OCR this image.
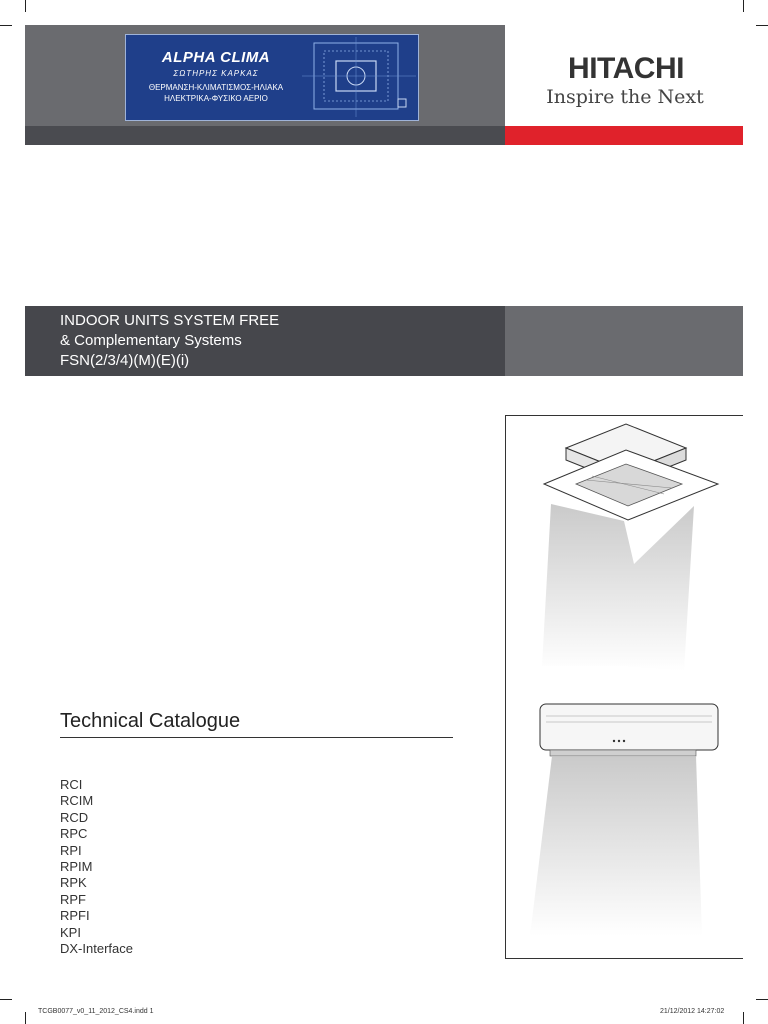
ALPHA CLIMA
ΣΩΤΗΡΗΣ ΚΑΡΚΑΣ
ΘΕΡΜΑΝΣΗ-ΚΛΙΜΑΤΙΣΜΟΣ-ΗΛΙΑΚΑ
ΗΛΕΚΤΡΙΚΑ-ΦΥΣΙΚΟ ΑΕΡΙΟ
HITACHI
Inspire the Next
INDOOR UNITS SYSTEM FREE
& Complementary Systems
FSN(2/3/4)(M)(E)(i)
Technical Catalogue
RCI
RCIM
RCD
RPC
RPI
RPIM
RPK
RPF
RPFI
KPI
DX-Interface
TCGB0077_v0_11_2012_CS4.indd 1	21/12/2012 14:27:02
